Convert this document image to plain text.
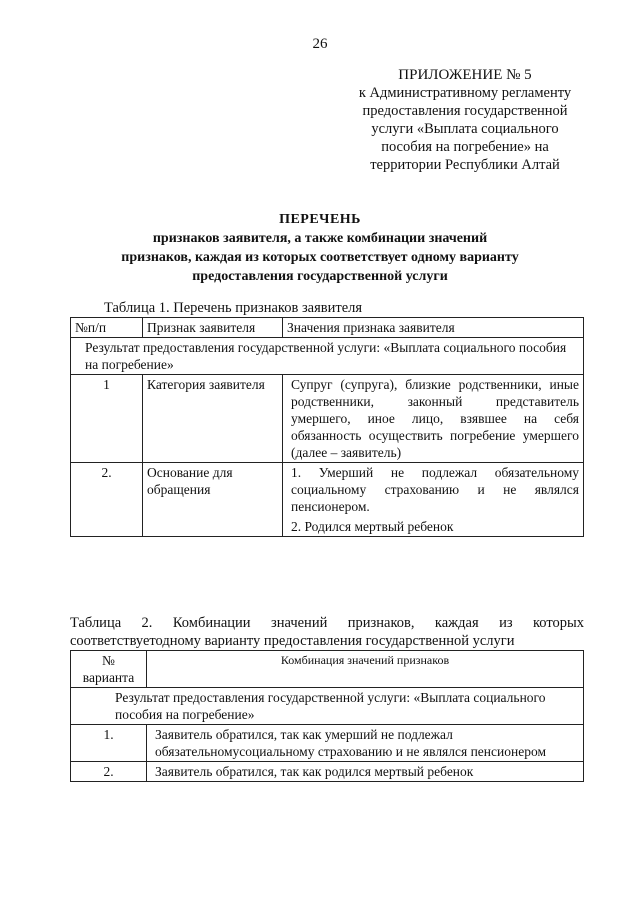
26
ПРИЛОЖЕНИЕ № 5
к Административному регламенту
предоставления государственной
услуги «Выплата социального
пособия на погребение» на
территории Республики Алтай
ПЕРЕЧЕНЬ
признаков заявителя, а также комбинации значений
признаков, каждая из которых соответствует одному варианту
предоставления государственной услуги
Таблица 1. Перечень признаков заявителя
№п/п	Признак заявителя	Значения признака заявителя
Результат предоставления государственной услуги: «Выплата социального пособия на погребение»		
1	Категория заявителя	Супруг (супруга), близкие родственники, иные родственники, законный представитель умершего, иное лицо, взявшее на себя обязанность осуществить погребение умершего (далее – заявитель)
2.	Основание для обращения	1. Умерший не подлежал обязательному социальному страхованию и не являлся пенсионером.
2. Родился мертвый ребенок
Таблица 2. Комбинации значений признаков, каждая из которых соответствуетодному варианту предоставления государственной услуги
№ варианта	Комбинация значений признаков
Результат предоставления государственной услуги: «Выплата социального пособия на погребение»	
1.	Заявитель обратился, так как умерший не подлежал обязательномусоциальному страхованию и не являлся пенсионером
2.	Заявитель обратился, так как родился мертвый ребенок
